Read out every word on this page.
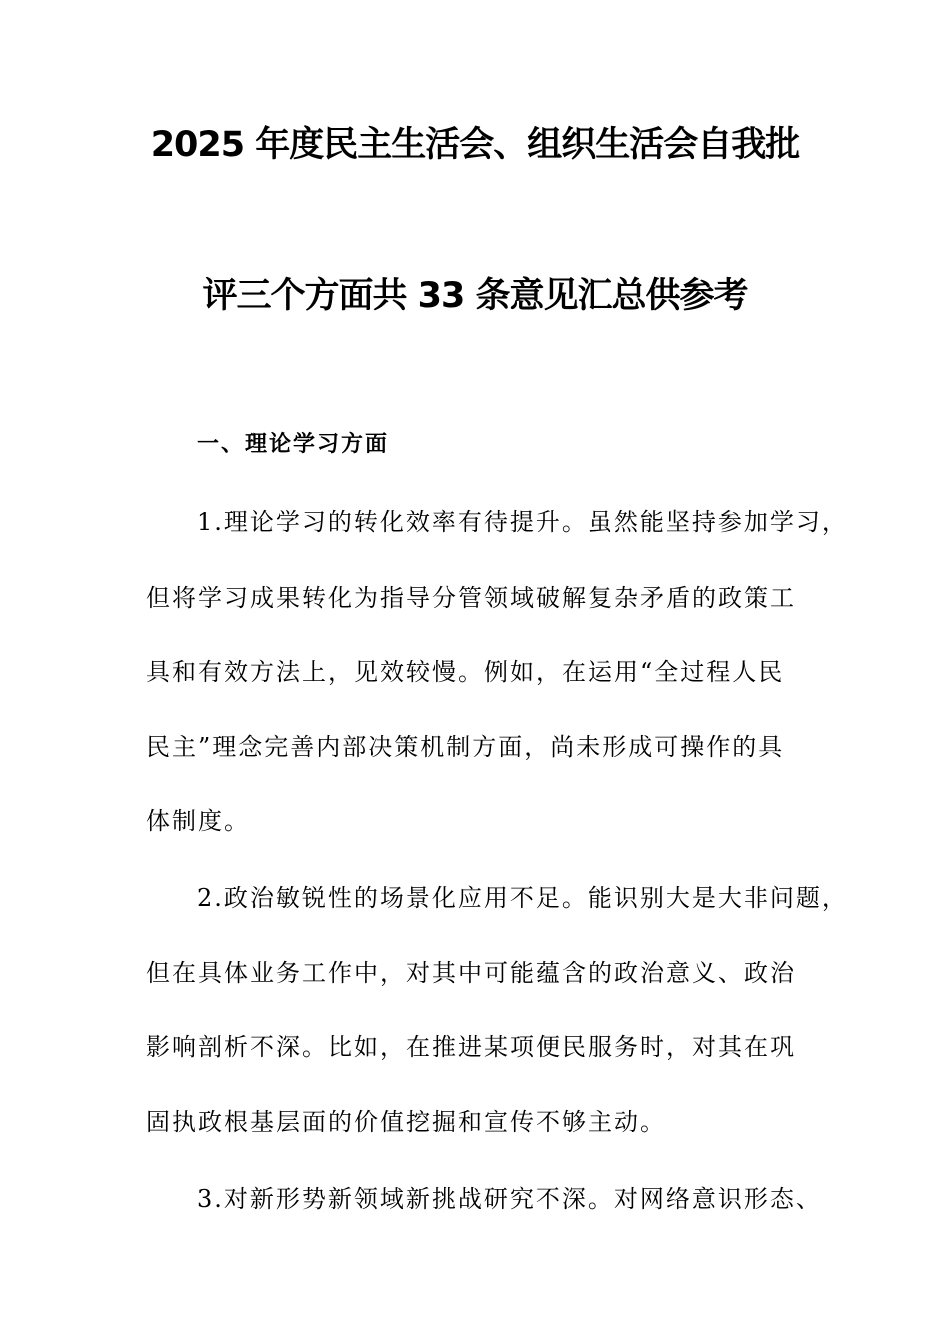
2025 年度民主生活会、组织生活会自我批
评三个方面共 33 条意见汇总供参考
一、理论学习方面
1.理论学习的转化效率有待提升。虽然能坚持参加学习，
但将学习成果转化为指导分管领域破解复杂矛盾的政策工
具和有效方法上，见效较慢。例如，在运用“全过程人民
民主”理念完善内部决策机制方面，尚未形成可操作的具
体制度。
2.政治敏锐性的场景化应用不足。能识别大是大非问题，
但在具体业务工作中，对其中可能蕴含的政治意义、政治
影响剖析不深。比如，在推进某项便民服务时，对其在巩
固执政根基层面的价值挖掘和宣传不够主动。
3.对新形势新领域新挑战研究不深。对网络意识形态、
